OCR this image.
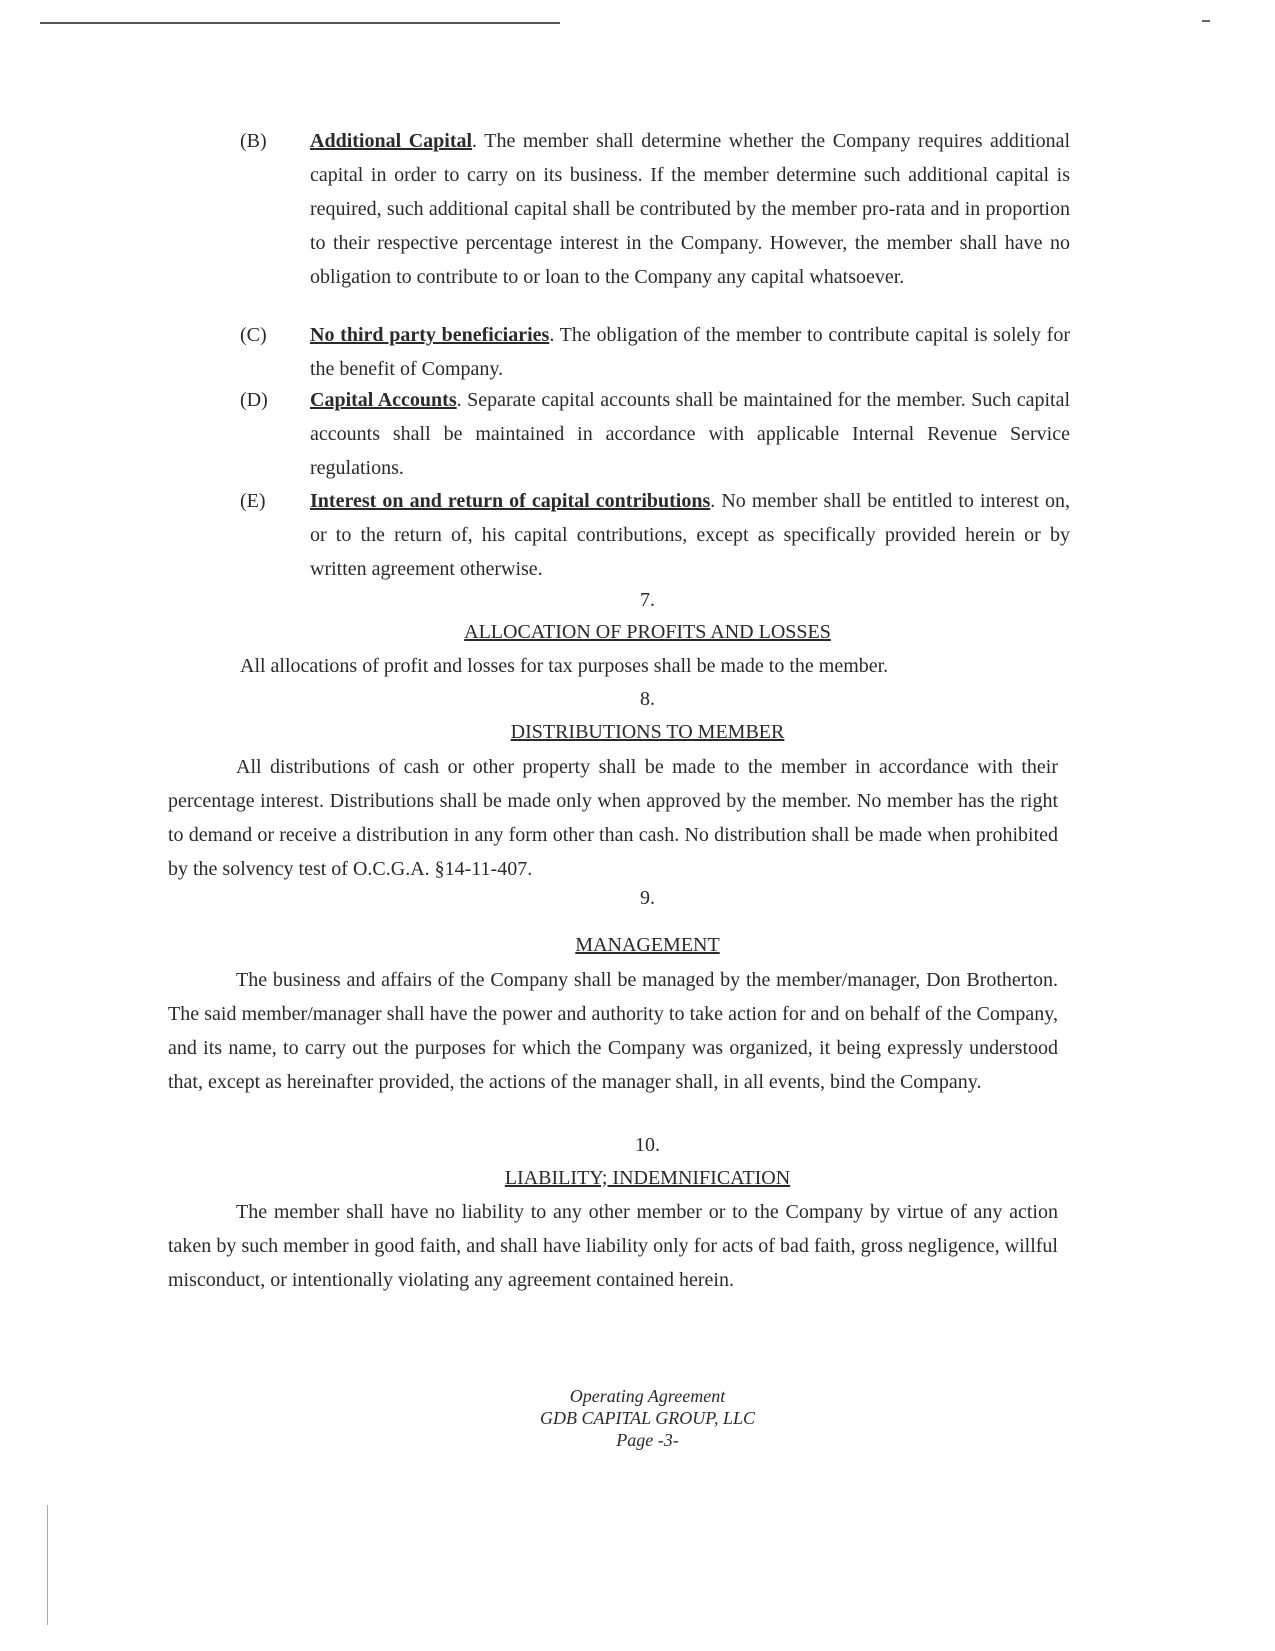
(B)	Additional Capital. The member shall determine whether the Company requires additional capital in order to carry on its business. If the member determine such additional capital is required, such additional capital shall be contributed by the member pro-rata and in proportion to their respective percentage interest in the Company. However, the member shall have no obligation to contribute to or loan to the Company any capital whatsoever.
(C)	No third party beneficiaries. The obligation of the member to contribute capital is solely for the benefit of Company.
(D)	Capital Accounts. Separate capital accounts shall be maintained for the member. Such capital accounts shall be maintained in accordance with applicable Internal Revenue Service regulations.
(E)	Interest on and return of capital contributions. No member shall be entitled to interest on, or to the return of, his capital contributions, except as specifically provided herein or by written agreement otherwise.
7.
ALLOCATION OF PROFITS AND LOSSES
All allocations of profit and losses for tax purposes shall be made to the member.
8.
DISTRIBUTIONS TO MEMBER
All distributions of cash or other property shall be made to the member in accordance with their percentage interest. Distributions shall be made only when approved by the member. No member has the right to demand or receive a distribution in any form other than cash. No distribution shall be made when prohibited by the solvency test of O.C.G.A. §14-11-407.
9.
MANAGEMENT
The business and affairs of the Company shall be managed by the member/manager, Don Brotherton. The said member/manager shall have the power and authority to take action for and on behalf of the Company, and its name, to carry out the purposes for which the Company was organized, it being expressly understood that, except as hereinafter provided, the actions of the manager shall, in all events, bind the Company.
10.
LIABILITY; INDEMNIFICATION
The member shall have no liability to any other member or to the Company by virtue of any action taken by such member in good faith, and shall have liability only for acts of bad faith, gross negligence, willful misconduct, or intentionally violating any agreement contained herein.
Operating Agreement
GDB CAPITAL GROUP, LLC
Page -3-
